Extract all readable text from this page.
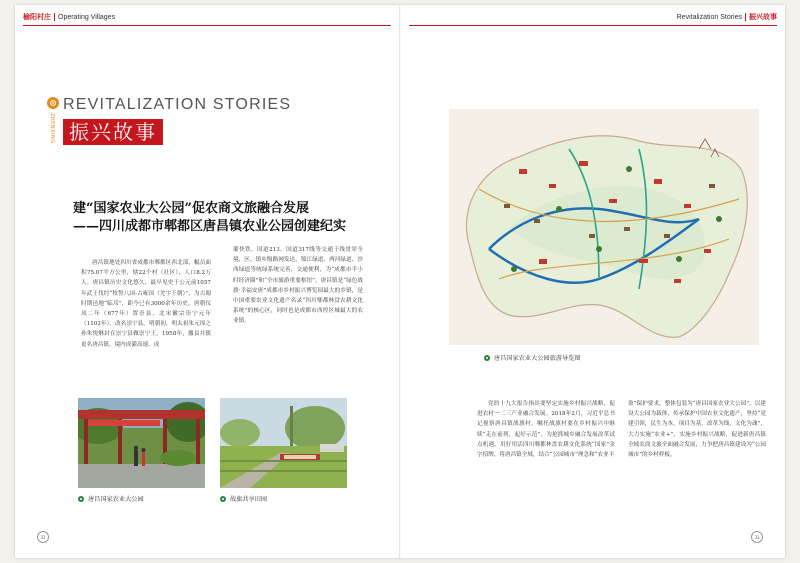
榆阳村庄 Operating Villages	Revitalization Stories 振兴故事
ZHENXING
REVITALIZATION STORIES
振兴故事
建“国家农业大公园”促农商文旅融合发展
——四川成都市郫都区唐昌镇农业公园创建纪实

唐昌镇地处四川省成都市郫都区西北部，幅员面积75.07平方公里，辖22个村（社区），人口8.2万人。唐昌镇历史文化悠久，最早见史于公元前1057年武王伐纣“牧誓八国-古雍国（羌字王朝）”，为古蜀时期邑地“临邛”，距今已有3000余年历史。唐朝仪凤二年（677年）置崇县，北宋徽宗崇宁元年（1102年），改名崇宁县。明朝初，明太祖朱元璋之孙朱悦烌封在崇宁县做崇宁王。1958年，撤县并镇更名唐昌镇。境内成灌高速、成

灌快铁、国道213、国道317线等交通干线贯穿全境，区、镇乡级路网发达，锦江绿道、两河绿道、沙西绿道等统绿系统完善，交通便利，为“成都市半小时经济圈”和“全市旅游重要枢纽”。唐昌镇是“绿色战旗·幸福安唐”成都市乡村振兴博览园最大的乡镇，是中国重要农业文化遗产名录“四川郫都林盘农耕文化系统”的核心区，同时也是成都市西控区城最大的农业镇。

唐昌国家农业大公园	战旗共享田园
唐昌国家农业大公园旅游导览图

党的十九大报告指出要坚定实施乡村振兴战略，促进农村一二三产业融合发展。2018年2月，习近平总书记视察唐昌镇战旗村，嘱托战旗村要在乡村振兴中继续“走在前列，起好示范”。为抢抓城乡融合发展改革试点机遇，用好用活四川郫都林盘农耕文化系统“国家”金字招牌，将唐昌镇全域，结合“公园城市”理念和“农业丰

盈”保护要求，整体包装为“唐昌国家农业大公园”，以建设大公园为载体，传承保护中国农业文化遗产，坚持“党建引领，民生为本，项目为基，改革为线，文化为魂”，大力实施“农业+”，实施乡村振兴战略，促进新唐昌镇全域农商文旅全面融合发展，力争把唐昌镇建设为“公园城市”的乡村样板。

32	33
